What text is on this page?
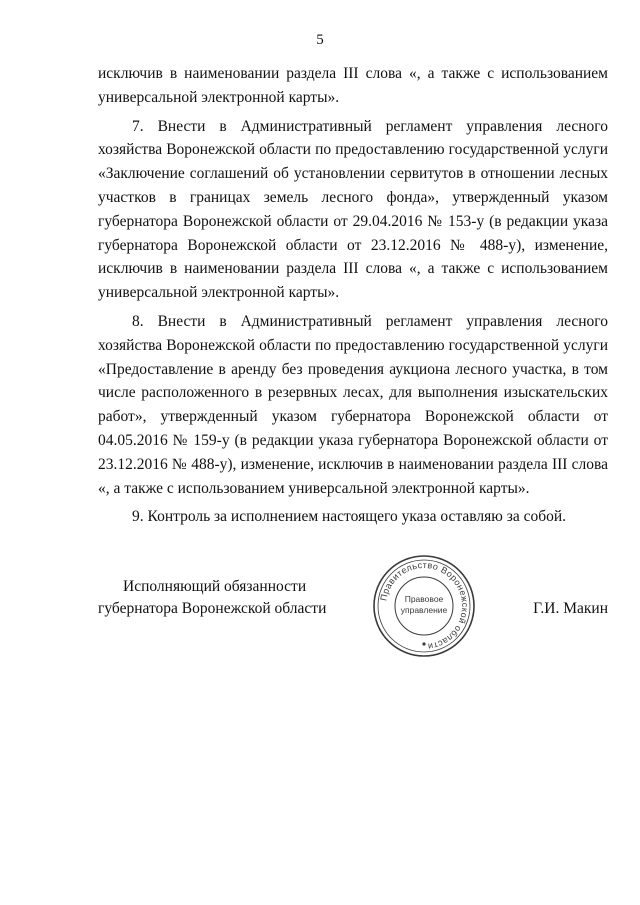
5
исключив в наименовании раздела III слова «, а также с использованием
универсальной электронной карты».
7. Внести в Административный регламент управления лесного
хозяйства Воронежской области по предоставлению государственной услуги
«Заключение соглашений об установлении сервитутов в отношении лесных
участков в границах земель лесного фонда», утвержденный указом
губернатора Воронежской области от 29.04.2016 № 153-у (в редакции указа
губернатора Воронежской области от 23.12.2016 № 488-у), изменение,
исключив в наименовании раздела III слова «, а также с использованием
универсальной электронной карты».
8. Внести в Административный регламент управления лесного
хозяйства Воронежской области по предоставлению государственной услуги
«Предоставление в аренду без проведения аукциона лесного участка, в том
числе расположенного в резервных лесах, для выполнения изыскательских
работ», утвержденный указом губернатора Воронежской области от
04.05.2016 № 159-у (в редакции указа губернатора Воронежской области от
23.12.2016 № 488-у), изменение, исключив в наименовании раздела III слова
«, а также с использованием универсальной электронной карты».
9. Контроль за исполнением настоящего указа оставляю за собой.
Исполняющий обязанности
губернатора Воронежской области	Г.И. Макин
Правительство Воронежской области
Правовое
управление
